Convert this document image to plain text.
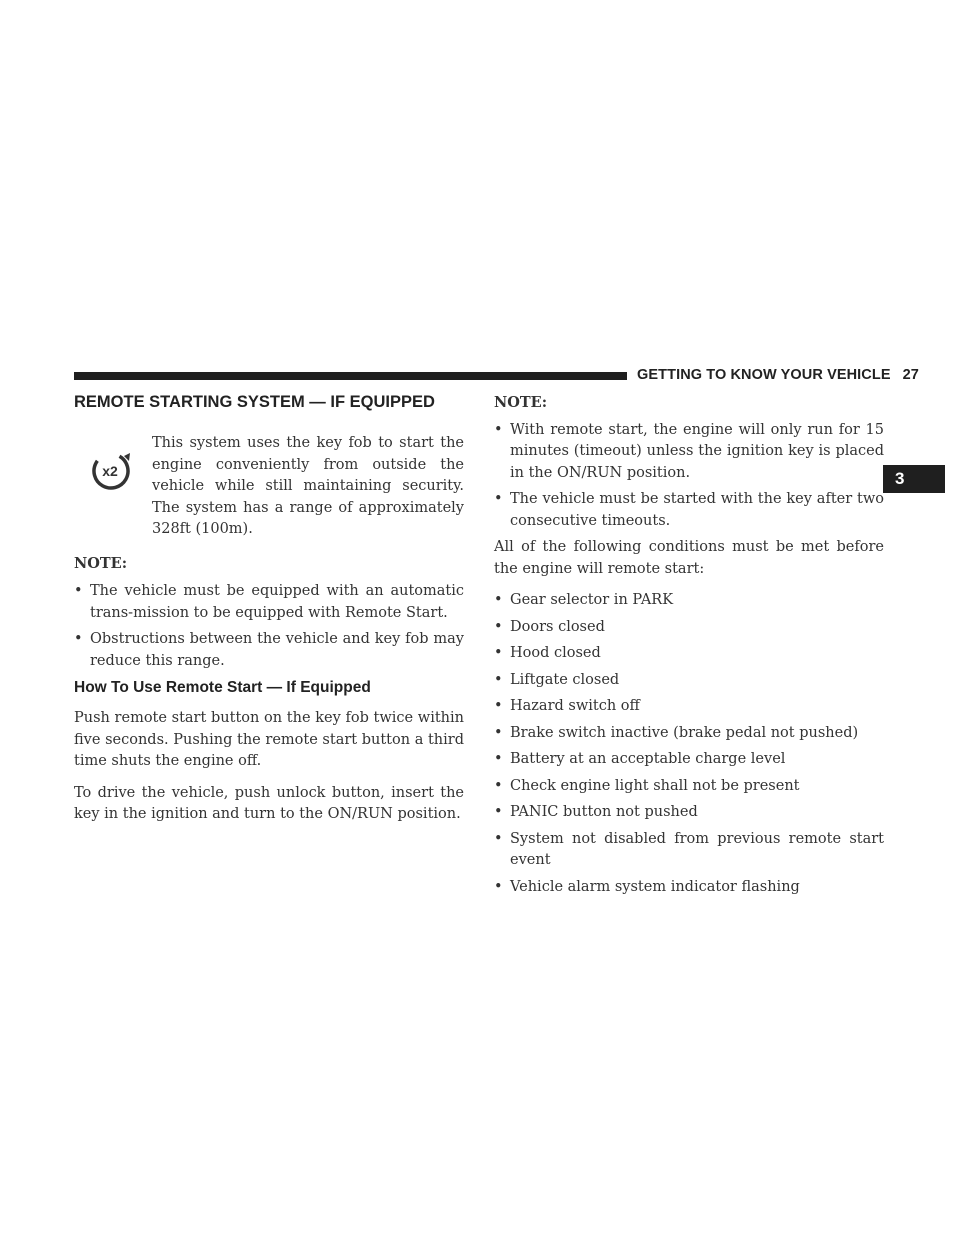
GETTING TO KNOW YOUR VEHICLE 27
3
REMOTE STARTING SYSTEM — IF EQUIPPED
x2

This system uses the key fob to start the engine conveniently from outside the vehicle while still maintaining security. The system has a range of approximately 328ft (100m).

NOTE:
• The vehicle must be equipped with an automatic trans-mission to be equipped with Remote Start.
• Obstructions between the vehicle and key fob may reduce this range.
How To Use Remote Start — If Equipped

Push remote start button on the key fob twice within five seconds. Pushing the remote start button a third time shuts the engine off.

To drive the vehicle, push unlock button, insert the key in the ignition and turn to the ON/RUN position.

NOTE:
• With remote start, the engine will only run for 15 minutes (timeout) unless the ignition key is placed in the ON/RUN position.
• The vehicle must be started with the key after two consecutive timeouts.

All of the following conditions must be met before the engine will remote start:

• Gear selector in PARK
• Doors closed
• Hood closed
• Liftgate closed
• Hazard switch off
• Brake switch inactive (brake pedal not pushed)
• Battery at an acceptable charge level
• Check engine light shall not be present
• PANIC button not pushed
• System not disabled from previous remote start event
• Vehicle alarm system indicator flashing
